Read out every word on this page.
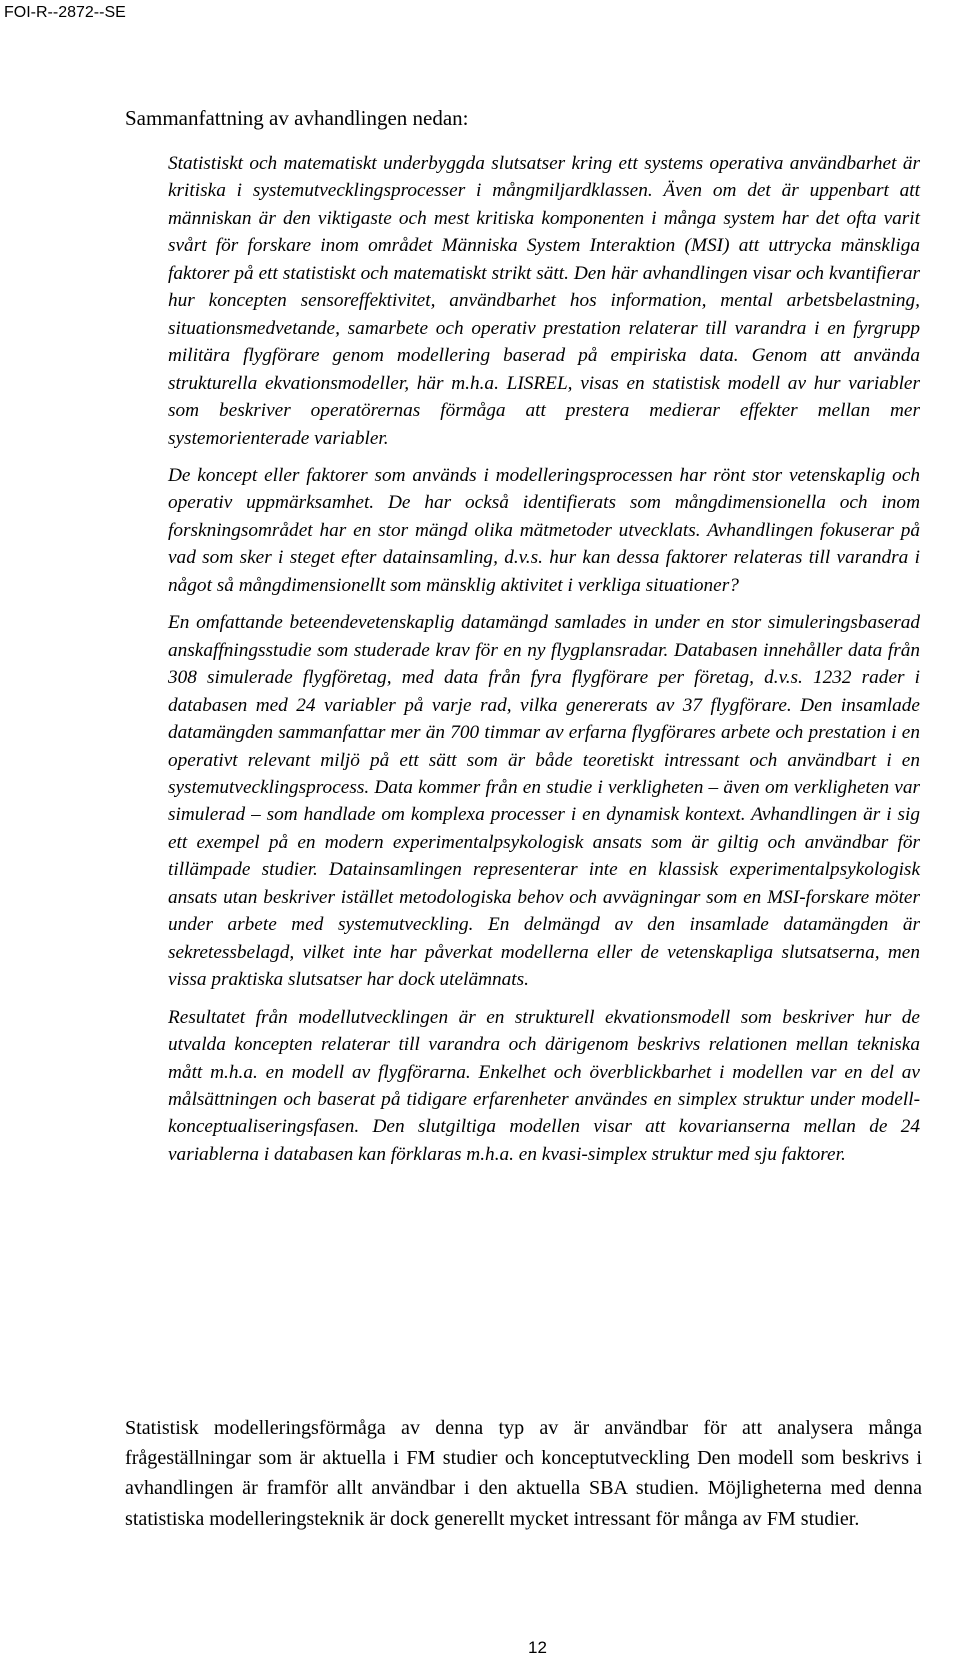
FOI-R--2872--SE
Sammanfattning av avhandlingen nedan:

Statistiskt och matematiskt underbyggda slutsatser kring ett systems operativa användbarhet är kritiska i systemutvecklingsprocesser i mångmiljardklassen. Även om det är uppenbart att människan är den viktigaste och mest kritiska komponenten i många system har det ofta varit svårt för forskare inom området Människa System Interaktion (MSI) att uttrycka mänskliga faktorer på ett statistiskt och matematiskt strikt sätt. Den här avhandlingen visar och kvantifierar hur koncepten sensoreffektivitet, användbarhet hos information, mental arbetsbelastning, situationsmedvetande, samarbete och operativ prestation relaterar till varandra i en fyrgrupp militära flygförare genom modellering baserad på empiriska data. Genom att använda strukturella ekvationsmodeller, här m.h.a. LISREL, visas en statistisk modell av hur variabler som beskriver operatörernas förmåga att prestera medierar effekter mellan mer systemorienterade variabler.

De koncept eller faktorer som används i modelleringsprocessen har rönt stor vetenskaplig och operativ uppmärksamhet. De har också identifierats som mångdimensionella och inom forskningsområdet har en stor mängd olika mätmetoder utvecklats. Avhandlingen fokuserar på vad som sker i steget efter datainsamling, d.v.s. hur kan dessa faktorer relateras till varandra i något så mångdimensionellt som mänsklig aktivitet i verkliga situationer?

En omfattande beteendevetenskaplig datamängd samlades in under en stor simuleringsbaserad anskaffningsstudie som studerade krav för en ny flygplansradar. Databasen innehåller data från 308 simulerade flygföretag, med data från fyra flygförare per företag, d.v.s. 1232 rader i databasen med 24 variabler på varje rad, vilka genererats av 37 flygförare. Den insamlade datamängden sammanfattar mer än 700 timmar av erfarna flygförares arbete och prestation i en operativt relevant miljö på ett sätt som är både teoretiskt intressant och användbart i en systemutvecklingsprocess. Data kommer från en studie i verkligheten – även om verkligheten var simulerad – som handlade om komplexa processer i en dynamisk kontext. Avhandlingen är i sig ett exempel på en modern experimentalpsykologisk ansats som är giltig och användbar för tillämpade studier. Datainsamlingen representerar inte en klassisk experimentalpsykologisk ansats utan beskriver istället metodologiska behov och avvägningar som en MSI-forskare möter under arbete med systemutveckling. En delmängd av den insamlade datamängden är sekretessbelagd, vilket inte har påverkat modellerna eller de vetenskapliga slutsatserna, men vissa praktiska slutsatser har dock utelämnats.

Resultatet från modellutvecklingen är en strukturell ekvationsmodell som beskriver hur de utvalda koncepten relaterar till varandra och därigenom beskrivs relationen mellan tekniska mått m.h.a. en modell av flygförarna. Enkelhet och överblickbarhet i modellen var en del av målsättningen och baserat på tidigare erfarenheter användes en simplex struktur under modellkonceptualiseringsfasen. Den slutgiltiga modellen visar att kovarianserna mellan de 24 variablerna i databasen kan förklaras m.h.a. en kvasi-simplex struktur med sju faktorer.

Statistisk modelleringsförmåga av denna typ av är användbar för att analysera många frågeställningar som är aktuella i FM studier och konceptutveckling Den modell som beskrivs i avhandlingen är framför allt användbar i den aktuella SBA studien. Möjligheterna med denna statistiska modelleringsteknik är dock generellt mycket intressant för många av FM studier.

12
